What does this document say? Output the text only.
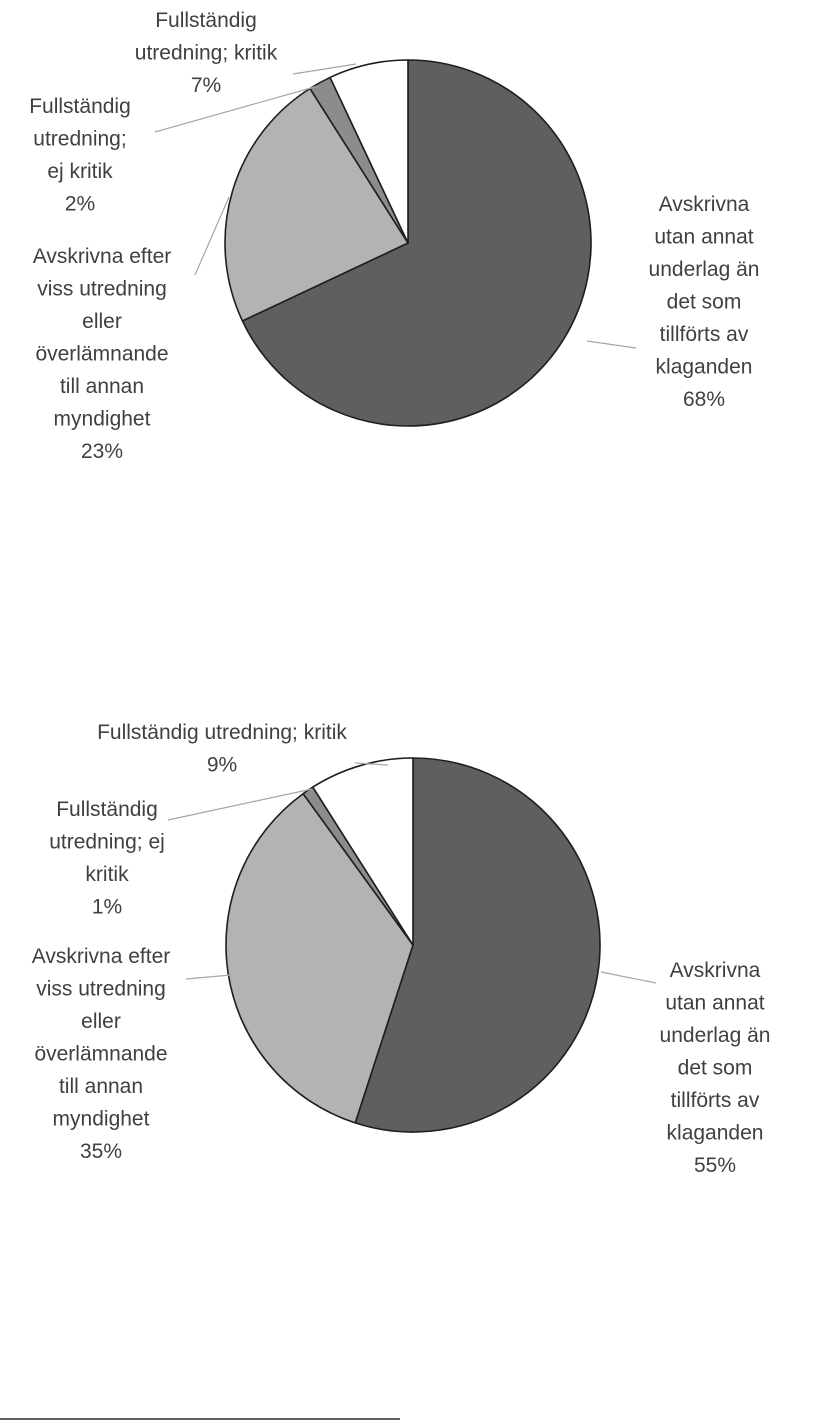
Avskrivna utan annat underlag än det som tillförts av klaganden 68%
Avskrivna efter viss utredning eller överlämnande till annan myndighet 23%
Fullständig utredning; ej kritik 2%
Fullständig utredning; kritik 7%
Avskrivna utan annat underlag än det som tillförts av klaganden 55%
Avskrivna efter viss utredning eller överlämnande till annan myndighet 35%
Fullständig utredning; ej kritik 1%
Fullständig utredning; kritik 9%
